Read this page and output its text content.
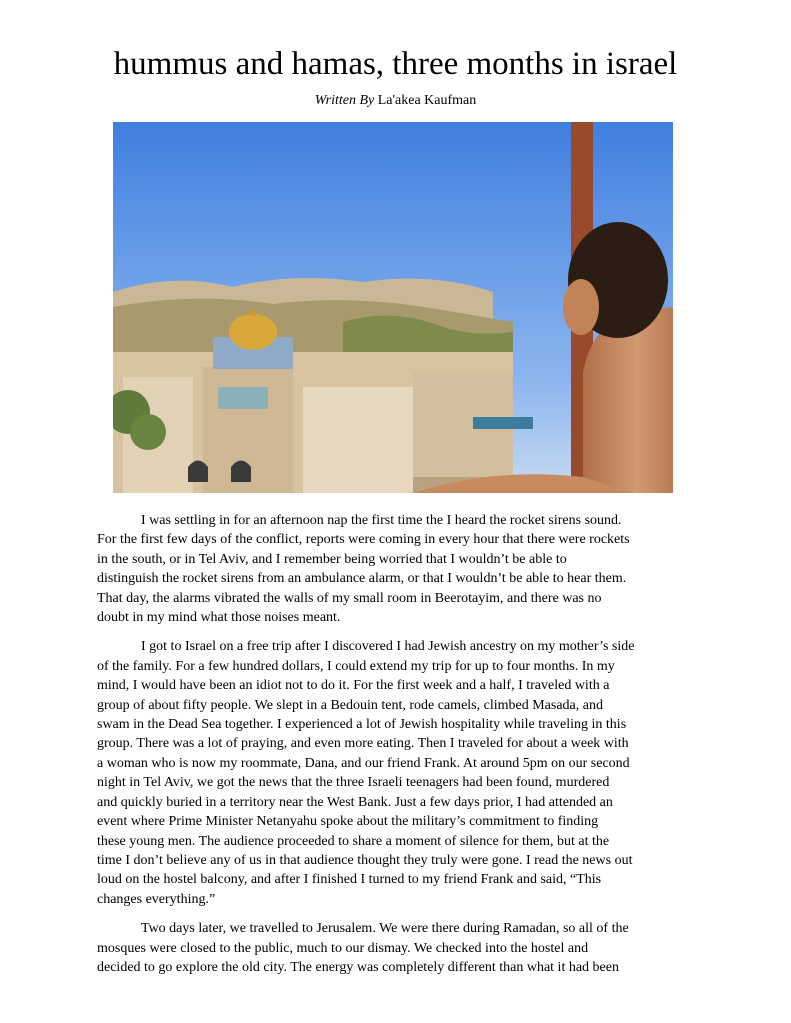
hummus and hamas, three months in israel
Written By La'akea Kaufman
I was settling in for an afternoon nap the first time the I heard the rocket sirens sound.
For the first few days of the conflict, reports were coming in every hour that there were rockets
in the south, or in Tel Aviv, and I remember being worried that I wouldn’t be able to
distinguish the rocket sirens from an ambulance alarm, or that I wouldn’t be able to hear them.
That day, the alarms vibrated the walls of my small room in Beerotayim, and there was no
doubt in my mind what those noises meant.
I got to Israel on a free trip after I discovered I had Jewish ancestry on my mother’s side
of the family. For a few hundred dollars, I could extend my trip for up to four months. In my
mind, I would have been an idiot not to do it. For the first week and a half, I traveled with a
group of about fifty people. We slept in a Bedouin tent, rode camels, climbed Masada, and
swam in the Dead Sea together. I experienced a lot of Jewish hospitality while traveling in this
group. There was a lot of praying, and even more eating. Then I traveled for about a week with
a woman who is now my roommate, Dana, and our friend Frank. At around 5pm on our second
night in Tel Aviv, we got the news that the three Israeli teenagers had been found, murdered
and quickly buried in a territory near the West Bank. Just a few days prior, I had attended an
event where Prime Minister Netanyahu spoke about the military’s commitment to finding
these young men. The audience proceeded to share a moment of silence for them, but at the
time I don’t believe any of us in that audience thought they truly were gone. I read the news out
loud on the hostel balcony, and after I finished I turned to my friend Frank and said, “This
changes everything.”
Two days later, we travelled to Jerusalem. We were there during Ramadan, so all of the
mosques were closed to the public, much to our dismay. We checked into the hostel and
decided to go explore the old city. The energy was completely different than what it had been
